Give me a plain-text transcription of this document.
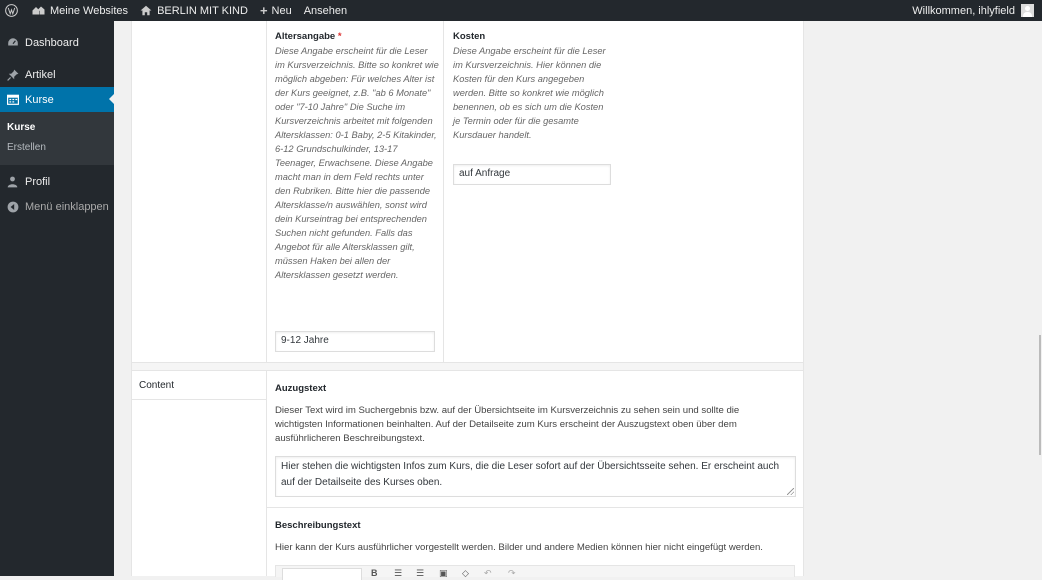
Meine Websites	BERLIN MIT KIND + Neu Ansehen	Willkommen, ihlyfield
Dashboard
Artikel
Kurse
Kurse
Erstellen
Profil
Menü einklappen
Altersangabe *
Diese Angabe erscheint für die Leser im Kursverzeichnis. Bitte so konkret wie möglich abgeben: Für welches Alter ist der Kurs geeignet, z.B. "ab 6 Monate" oder "7-10 Jahre" Die Suche im Kursverzeichnis arbeitet mit folgenden Altersklassen: 0-1 Baby, 2-5 Kitakinder, 6-12 Grundschulkinder, 13-17 Teenager, Erwachsene. Diese Angabe macht man in dem Feld rechts unter den Rubriken. Bitte hier die passende Altersklasse/n auswählen, sonst wird dein Kurseintrag bei entsprechenden Suchen nicht gefunden. Falls das Angebot für alle Altersklassen gilt, müssen Haken bei allen der Altersklassen gesetzt werden.
9-12 Jahre
Kosten
Diese Angabe erscheint für die Leser im Kursverzeichnis. Hier können die Kosten für den Kurs angegeben werden. Bitte so konkret wie möglich benennen, ob es sich um die Kosten je Termin oder für die gesamte Kursdauer handelt.
auf Anfrage
Content	Auzugstext
Dieser Text wird im Suchergebnis bzw. auf der Übersichtseite im Kursverzeichnis zu sehen sein und sollte die wichtigsten Informationen beinhalten. Auf der Detailseite zum Kurs erscheint der Auszugstext oben über dem ausführlicheren Beschreibungstext.
Hier stehen die wichtigsten Infos zum Kurs, die die Leser sofort auf der Übersichtsseite sehen. Er erscheint auch auf der Detailseite des Kurses oben.
Beschreibungstext
Hier kann der Kurs ausführlicher vorgestellt werden. Bilder und andere Medien können hier nicht eingefügt werden.
B ☰ ☰ ▣ ◇ ↶ ↷
